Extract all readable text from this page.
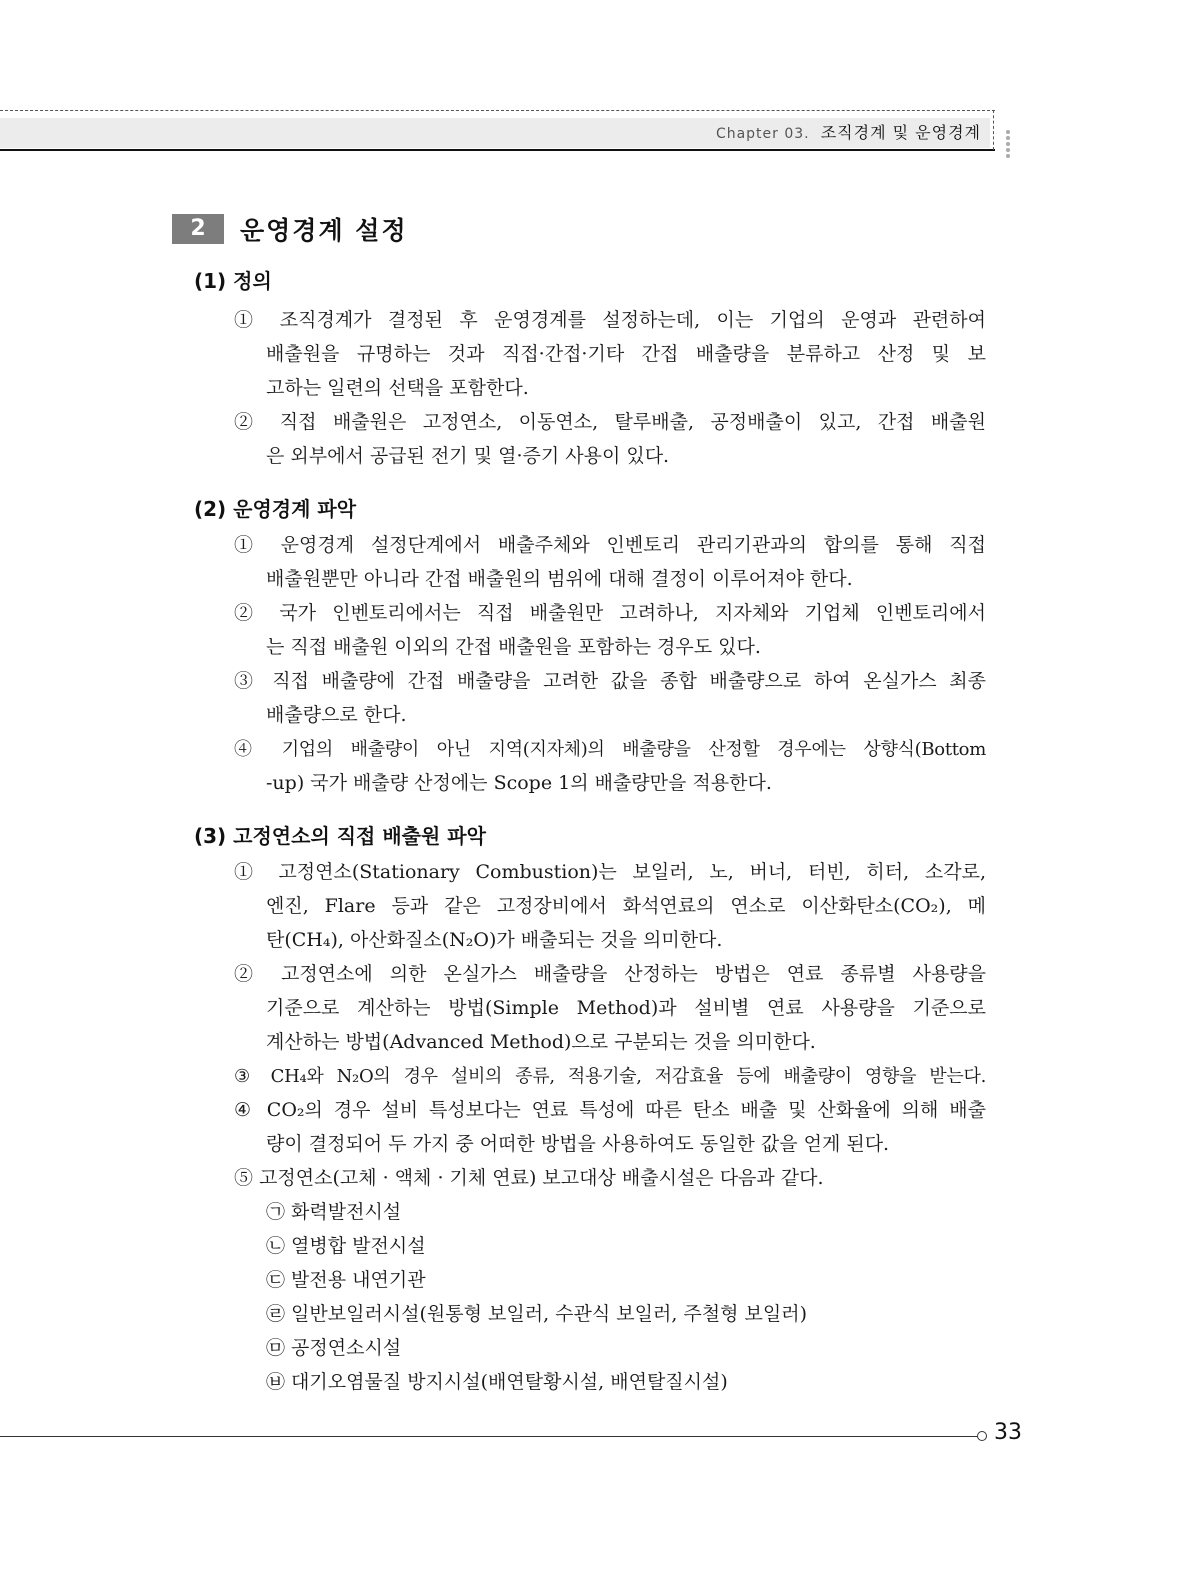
Chapter 03. 조직경계 및 운영경계
2	운영경계 설정
(1) 정의
① 조직경계가 결정된 후 운영경계를 설정하는데, 이는 기업의 운영과 관련하여
배출원을 규명하는 것과 직접·간접·기타 간접 배출량을 분류하고 산정 및 보
고하는 일련의 선택을 포함한다.
② 직접 배출원은 고정연소, 이동연소, 탈루배출, 공정배출이 있고, 간접 배출원
은 외부에서 공급된 전기 및 열·증기 사용이 있다.
(2) 운영경계 파악
① 운영경계 설정단계에서 배출주체와 인벤토리 관리기관과의 합의를 통해 직접
배출원뿐만 아니라 간접 배출원의 범위에 대해 결정이 이루어져야 한다.
② 국가 인벤토리에서는 직접 배출원만 고려하나, 지자체와 기업체 인벤토리에서
는 직접 배출원 이외의 간접 배출원을 포함하는 경우도 있다.
③ 직접 배출량에 간접 배출량을 고려한 값을 종합 배출량으로 하여 온실가스 최종
배출량으로 한다.
④ 기업의 배출량이 아닌 지역(지자체)의 배출량을 산정할 경우에는 상향식(Bottom
-up) 국가 배출량 산정에는 Scope 1의 배출량만을 적용한다.
(3) 고정연소의 직접 배출원 파악
① 고정연소(Stationary Combustion)는 보일러, 노, 버너, 터빈, 히터, 소각로,
엔진, Flare 등과 같은 고정장비에서 화석연료의 연소로 이산화탄소(CO₂), 메
탄(CH₄), 아산화질소(N₂O)가 배출되는 것을 의미한다.
② 고정연소에 의한 온실가스 배출량을 산정하는 방법은 연료 종류별 사용량을
기준으로 계산하는 방법(Simple Method)과 설비별 연료 사용량을 기준으로
계산하는 방법(Advanced Method)으로 구분되는 것을 의미한다.
③ CH₄와 N₂O의 경우 설비의 종류, 적용기술, 저감효율 등에 배출량이 영향을 받는다.
④ CO₂의 경우 설비 특성보다는 연료 특성에 따른 탄소 배출 및 산화율에 의해 배출
량이 결정되어 두 가지 중 어떠한 방법을 사용하여도 동일한 값을 얻게 된다.
⑤ 고정연소(고체 · 액체 · 기체 연료) 보고대상 배출시설은 다음과 같다.
㉠ 화력발전시설
㉡ 열병합 발전시설
㉢ 발전용 내연기관
㉣ 일반보일러시설(원통형 보일러, 수관식 보일러, 주철형 보일러)
㉤ 공정연소시설
㉥ 대기오염물질 방지시설(배연탈황시설, 배연탈질시설)
33
